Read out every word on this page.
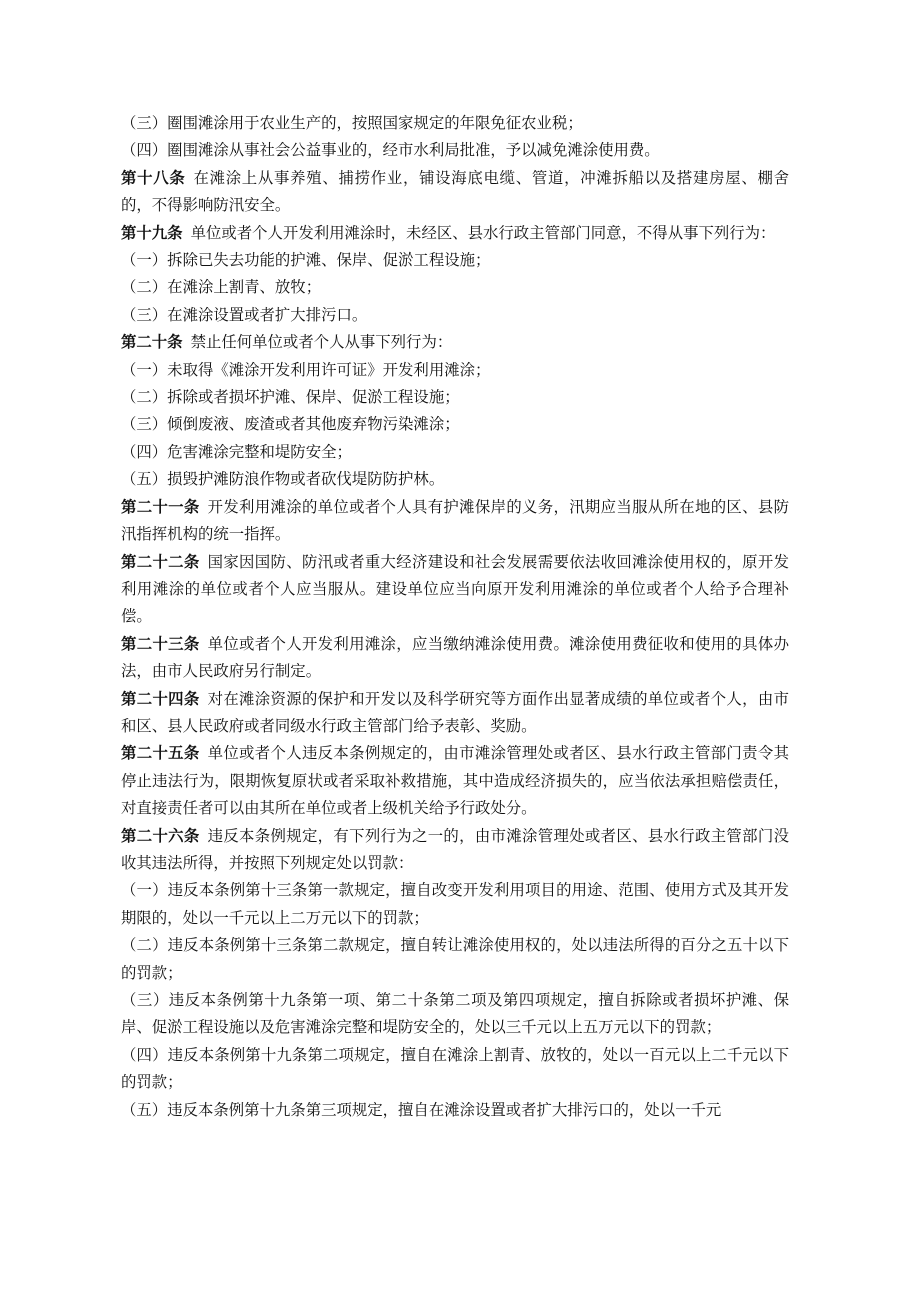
（三）圈围滩涂用于农业生产的，按照国家规定的年限免征农业税；

（四）圈围滩涂从事社会公益事业的，经市水利局批准，予以减免滩涂使用费。

第十八条 在滩涂上从事养殖、捕捞作业，铺设海底电缆、管道，冲滩拆船以及搭建房屋、棚舍的，不得影响防汛安全。

第十九条 单位或者个人开发利用滩涂时，未经区、县水行政主管部门同意，不得从事下列行为：

（一）拆除已失去功能的护滩、保岸、促淤工程设施；

（二）在滩涂上割青、放牧；

（三）在滩涂设置或者扩大排污口。

第二十条 禁止任何单位或者个人从事下列行为：

（一）未取得《滩涂开发利用许可证》开发利用滩涂；

（二）拆除或者损坏护滩、保岸、促淤工程设施；

（三）倾倒废液、废渣或者其他废弃物污染滩涂；

（四）危害滩涂完整和堤防安全；

（五）损毁护滩防浪作物或者砍伐堤防防护林。

第二十一条 开发利用滩涂的单位或者个人具有护滩保岸的义务，汛期应当服从所在地的区、县防汛指挥机构的统一指挥。

第二十二条 国家因国防、防汛或者重大经济建设和社会发展需要依法收回滩涂使用权的，原开发利用滩涂的单位或者个人应当服从。建设单位应当向原开发利用滩涂的单位或者个人给予合理补偿。

第二十三条 单位或者个人开发利用滩涂，应当缴纳滩涂使用费。滩涂使用费征收和使用的具体办法，由市人民政府另行制定。

第二十四条 对在滩涂资源的保护和开发以及科学研究等方面作出显著成绩的单位或者个人，由市和区、县人民政府或者同级水行政主管部门给予表彰、奖励。

第二十五条 单位或者个人违反本条例规定的，由市滩涂管理处或者区、县水行政主管部门责令其停止违法行为，限期恢复原状或者采取补救措施，其中造成经济损失的，应当依法承担赔偿责任，对直接责任者可以由其所在单位或者上级机关给予行政处分。

第二十六条 违反本条例规定，有下列行为之一的，由市滩涂管理处或者区、县水行政主管部门没收其违法所得，并按照下列规定处以罚款：

（一）违反本条例第十三条第一款规定，擅自改变开发利用项目的用途、范围、使用方式及其开发期限的，处以一千元以上二万元以下的罚款；

（二）违反本条例第十三条第二款规定，擅自转让滩涂使用权的，处以违法所得的百分之五十以下的罚款；

（三）违反本条例第十九条第一项、第二十条第二项及第四项规定，擅自拆除或者损坏护滩、保岸、促淤工程设施以及危害滩涂完整和堤防安全的，处以三千元以上五万元以下的罚款；

（四）违反本条例第十九条第二项规定，擅自在滩涂上割青、放牧的，处以一百元以上二千元以下的罚款；

（五）违反本条例第十九条第三项规定，擅自在滩涂设置或者扩大排污口的，处以一千元
